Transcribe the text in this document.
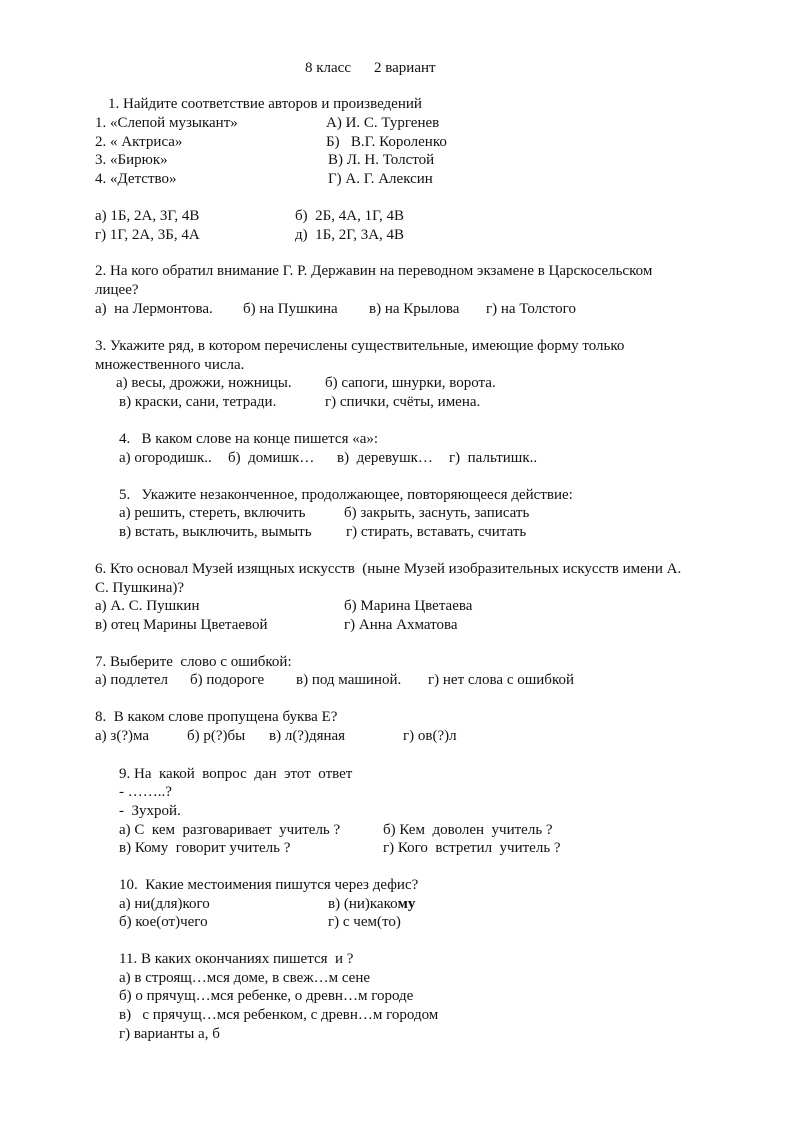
8 класс 2 вариант
1. Найдите соответствие авторов и произведений
1. «Слепой музыкант»	А) И. С. Тургенев
2. « Актриса»	Б)   В.Г. Короленко
3. «Бирюк»	В) Л. Н. Толстой
4. «Детство»	Г) А. Г. Алексин
а) 1Б, 2А, 3Г, 4В	б)  2Б, 4А, 1Г, 4В
г) 1Г, 2А, 3Б, 4А	д)  1Б, 2Г, 3А, 4В
2. На кого обратил внимание Г. Р. Державин на переводном экзамене в Царскосельском
лицее?
а)  на Лермонтова. б) на Пушкина в) на Крылова г) на Толстого
3. Укажите ряд, в котором перечислены существительные, имеющие форму только
множественного числа.
а) весы, дрожжи, ножницы. б) сапоги, шнурки, ворота.
в) краски, сани, тетради.	г) спички, счёты, имена.
4.   В каком слове на конце пишется «а»:
а) огородишк.. б)  домишк… в)  деревушк… г)  пальтишк..
5.   Укажите незаконченное, продолжающее, повторяющееся действие:
а) решить, стереть, включить	б) закрыть, заснуть, записать
в) встать, выключить, вымыть г) стирать, вставать, считать
6. Кто основал Музей изящных искусств  (ныне Музей изобразительных искусств имени А.
С. Пушкина)?
а) А. С. Пушкин	б) Марина Цветаева
в) отец Марины Цветаевой	г) Анна Ахматова
7. Выберите  слово с ошибкой:
а) подлетел б) подороге в) под машиной. г) нет слова с ошибкой
8.  В каком слове пропущена буква Е?
а) з(?)ма	б) р(?)бы в) л(?)дяная	г) ов(?)л
9. На  какой  вопрос  дан  этот  ответ
- ……..?
-  Зухрой.
а) С  кем  разговаривает  учитель ?	б) Кем  доволен  учитель ?
в) Кому  говорит учитель ?	г) Кого  встретил  учитель ?
10.  Какие местоимения пишутся через дефис?
а) ни(для)кого	в) (ни)какому
б) кое(от)чего	г) с чем(то)
11. В каких окончаниях пишется  и ?
а) в строящ…мся доме, в свеж…м сене
б) о прячущ…мся ребенке, о древн…м городе
в)   с прячущ…мся ребенком, с древн…м городом
г) варианты а, б
